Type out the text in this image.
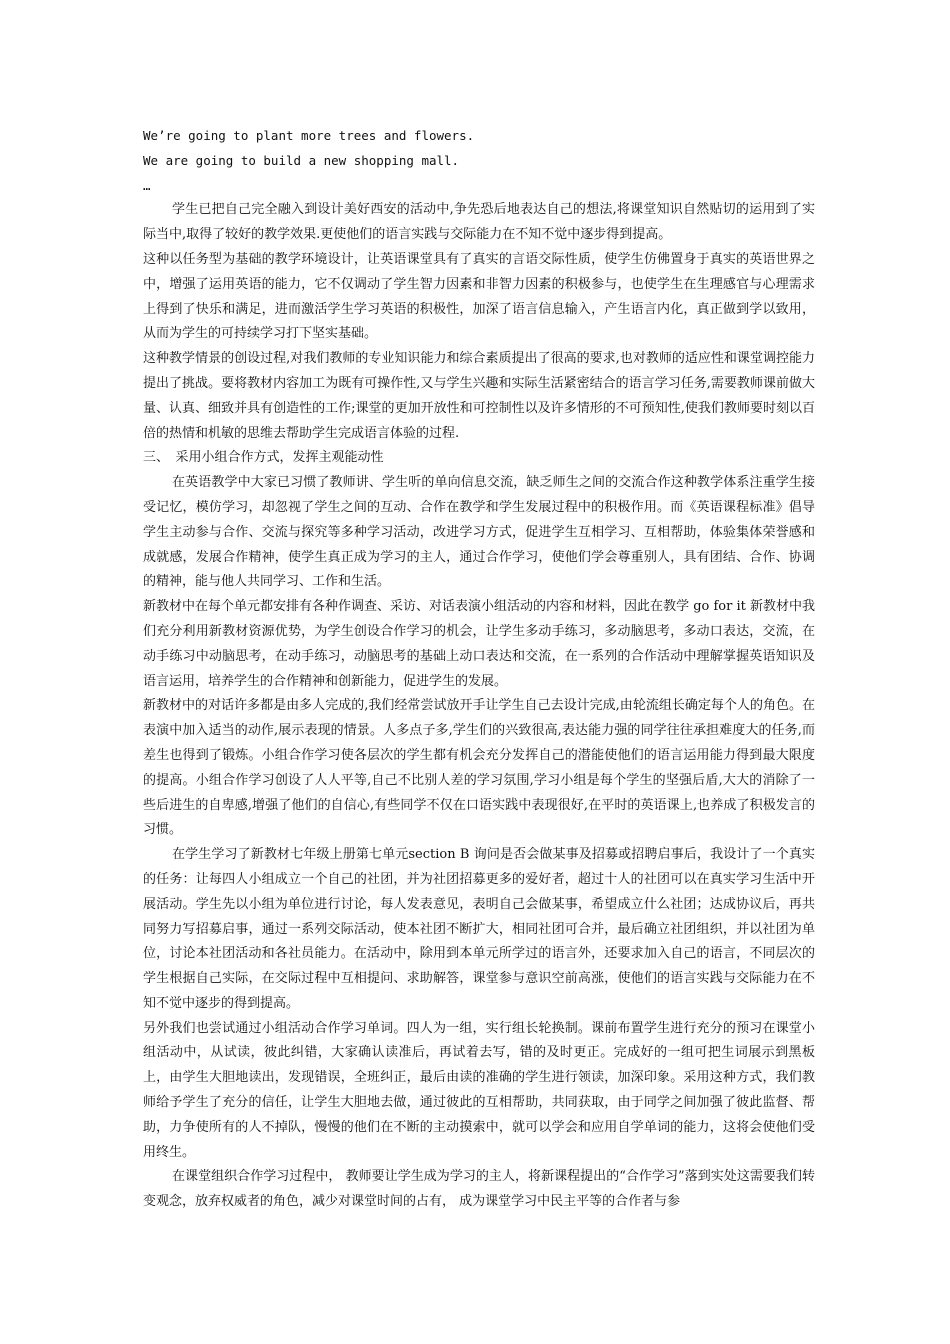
We’re going to plant more trees and flowers.
We are going to build a new shopping mall.
…

学生已把自己完全融入到设计美好西安的活动中,争先恐后地表达自己的想法,将课堂知识自然贴切的运用到了实际当中,取得了较好的教学效果.更使他们的语言实践与交际能力在不知不觉中逐步得到提高。

这种以任务型为基础的教学环境设计，让英语课堂具有了真实的言语交际性质，使学生仿佛置身于真实的英语世界之中，增强了运用英语的能力，它不仅调动了学生智力因素和非智力因素的积极参与，也使学生在生理感官与心理需求上得到了快乐和满足，进而激活学生学习英语的积极性，加深了语言信息输入，产生语言内化，真正做到学以致用，从而为学生的可持续学习打下坚实基础。

这种教学情景的创设过程,对我们教师的专业知识能力和综合素质提出了很高的要求,也对教师的适应性和课堂调控能力提出了挑战。要将教材内容加工为既有可操作性,又与学生兴趣和实际生活紧密结合的语言学习任务,需要教师课前做大量、认真、细致并具有创造性的工作;课堂的更加开放性和可控制性以及许多情形的不可预知性,使我们教师要时刻以百倍的热情和机敏的思维去帮助学生完成语言体验的过程.

三、　采用小组合作方式，发挥主观能动性

在英语教学中大家已习惯了教师讲、学生听的单向信息交流，缺乏师生之间的交流合作这种教学体系注重学生接受记忆，模仿学习，却忽视了学生之间的互动、合作在教学和学生发展过程中的积极作用。而《英语课程标准》倡导学生主动参与合作、交流与探究等多种学习活动，改进学习方式，促进学生互相学习、互相帮助，体验集体荣誉感和成就感，发展合作精神，使学生真正成为学习的主人，通过合作学习，使他们学会尊重别人，具有团结、合作、协调的精神，能与他人共同学习、工作和生活。

新教材中在每个单元都安排有各种作调查、采访、对话表演小组活动的内容和材料，因此在教学 go for it 新教材中我们充分利用新教材资源优势，为学生创设合作学习的机会，让学生多动手练习，多动脑思考，多动口表达，交流，在动手练习中动脑思考，在动手练习，动脑思考的基础上动口表达和交流，在一系列的合作活动中理解掌握英语知识及语言运用，培养学生的合作精神和创新能力，促进学生的发展。

新教材中的对话许多都是由多人完成的,我们经常尝试放开手让学生自己去设计完成,由轮流组长确定每个人的角色。在表演中加入适当的动作,展示表现的情景。人多点子多,学生们的兴致很高,表达能力强的同学往往承担难度大的任务,而差生也得到了锻炼。小组合作学习使各层次的学生都有机会充分发挥自己的潜能使他们的语言运用能力得到最大限度的提高。小组合作学习创设了人人平等,自己不比别人差的学习氛围,学习小组是每个学生的坚强后盾,大大的消除了一些后进生的自卑感,增强了他们的自信心,有些同学不仅在口语实践中表现很好,在平时的英语课上,也养成了积极发言的习惯。

在学生学习了新教材七年级上册第七单元section B 询问是否会做某事及招募或招聘启事后，我设计了一个真实的任务：让每四人小组成立一个自己的社团，并为社团招募更多的爱好者，超过十人的社团可以在真实学习生活中开展活动。学生先以小组为单位进行讨论，每人发表意见，表明自己会做某事，希望成立什么社团；达成协议后，再共同努力写招募启事，通过一系列交际活动，使本社团不断扩大，相同社团可合并，最后确立社团组织，并以社团为单位，讨论本社团活动和各社员能力。在活动中，除用到本单元所学过的语言外，还要求加入自己的语言，不同层次的学生根据自己实际，在交际过程中互相提问、求助解答，课堂参与意识空前高涨，使他们的语言实践与交际能力在不知不觉中逐步的得到提高。

另外我们也尝试通过小组活动合作学习单词。四人为一组，实行组长轮换制。课前布置学生进行充分的预习在课堂小组活动中，从试读，彼此纠错，大家确认读准后，再试着去写，错的及时更正。完成好的一组可把生词展示到黑板上，由学生大胆地读出，发现错误，全班纠正，最后由读的准确的学生进行领读，加深印象。采用这种方式，我们教师给予学生了充分的信任，让学生大胆地去做，通过彼此的互相帮助，共同获取，由于同学之间加强了彼此监督、帮助，力争使所有的人不掉队，慢慢的他们在不断的主动摸索中，就可以学会和应用自学单词的能力，这将会使他们受用终生。

在课堂组织合作学习过程中， 教师要让学生成为学习的主人，将新课程提出的“合作学习”落到实处这需要我们转变观念，放弃权威者的角色，减少对课堂时间的占有， 成为课堂学习中民主平等的合作者与参
